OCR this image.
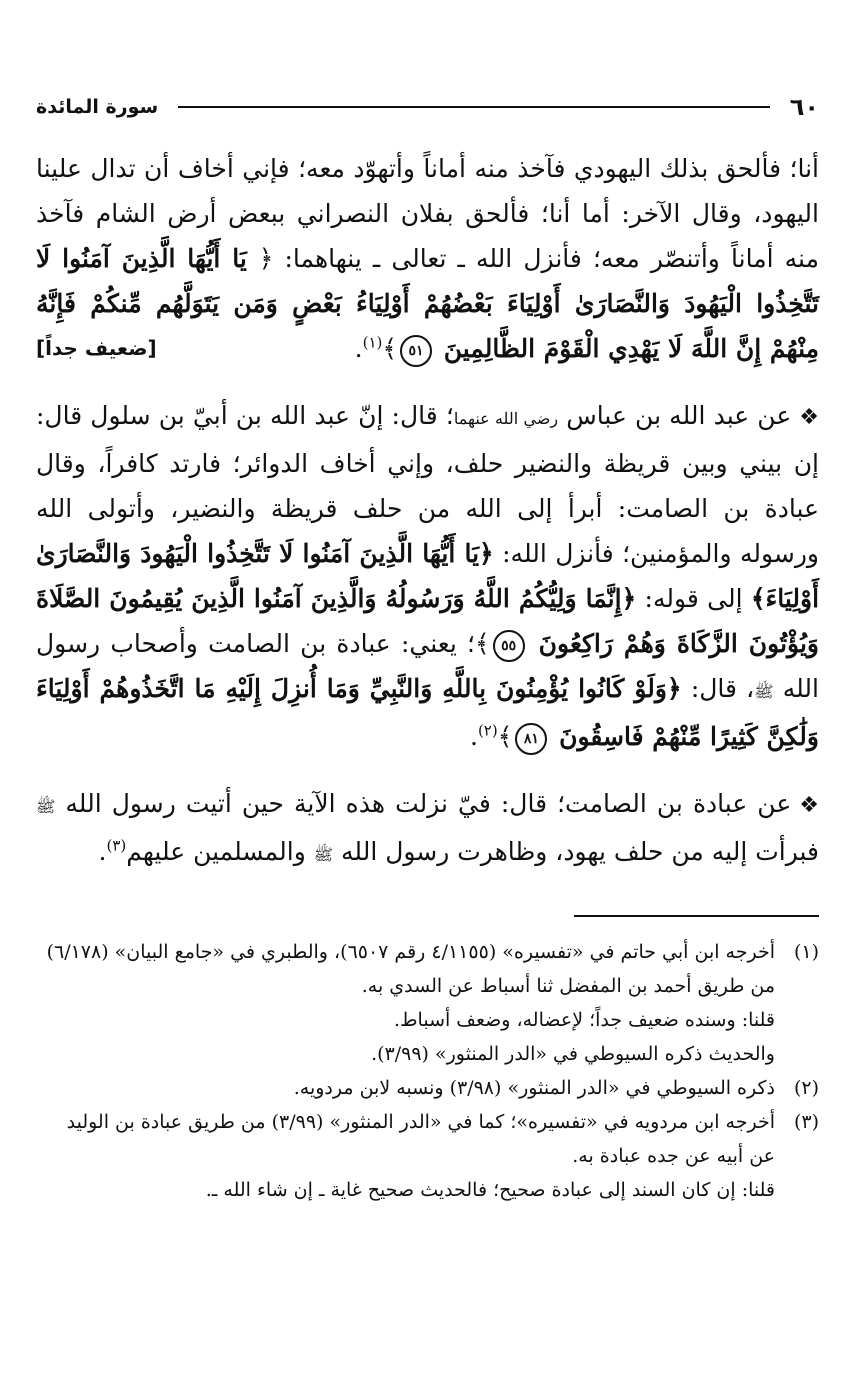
٦٠
سورة المائدة

أنا؛ فألحق بذلك اليهودي فآخذ منه أماناً وأتهوّد معه؛ فإني أخاف أن تدال علينا اليهود، وقال الآخر: أما أنا؛ فألحق بفلان النصراني ببعض أرض الشام فآخذ منه أماناً وأتنصّر معه؛ فأنزل الله ـ تعالى ـ ينهاهما: ﴿ يَا أَيُّهَا الَّذِينَ آمَنُوا لَا تَتَّخِذُوا الْيَهُودَ وَالنَّصَارَىٰ أَوْلِيَاءَ بَعْضُهُمْ أَوْلِيَاءُ بَعْضٍ وَمَن يَتَوَلَّهُم مِّنكُمْ فَإِنَّهُ مِنْهُمْ إِنَّ اللَّهَ لَا يَهْدِي الْقَوْمَ الظَّالِمِينَ ٥١﴾$^{(١)}$.
[ضعيف جداً]

❖عن عبد الله بن عباس رضي الله عنهما؛ قال: إنّ عبد الله بن أبيّ بن سلول قال: إن بيني وبين قريظة والنضير حلف، وإني أخاف الدوائر؛ فارتد كافراً، وقال عبادة بن الصامت: أبرأ إلى الله من حلف قريظة والنضير، وأتولى الله ورسوله والمؤمنين؛ فأنزل الله: ﴿يَا أَيُّهَا الَّذِينَ آمَنُوا لَا تَتَّخِذُوا الْيَهُودَ وَالنَّصَارَىٰ أَوْلِيَاءَ﴾ إلى قوله: ﴿إِنَّمَا وَلِيُّكُمُ اللَّهُ وَرَسُولُهُ وَالَّذِينَ آمَنُوا الَّذِينَ يُقِيمُونَ الصَّلَاةَ وَيُؤْتُونَ الزَّكَاةَ وَهُمْ رَاكِعُونَ ٥٥﴾؛ يعني: عبادة بن الصامت وأصحاب رسول الله ﷺ، قال: ﴿وَلَوْ كَانُوا يُؤْمِنُونَ بِاللَّهِ وَالنَّبِيِّ وَمَا أُنزِلَ إِلَيْهِ مَا اتَّخَذُوهُمْ أَوْلِيَاءَ وَلَٰكِنَّ كَثِيرًا مِّنْهُمْ فَاسِقُونَ ٨١﴾$^{(٢)}$.

❖عن عبادة بن الصامت؛ قال: فيّ نزلت هذه الآية حين أتيت رسول الله ﷺ فبرأت إليه من حلف يهود، وظاهرت رسول الله ﷺ والمسلمين عليهم$^{(٣)}$.

(١)
أخرجه ابن أبي حاتم في «تفسيره» (٤/١١٥٥ رقم ٦٥٠٧)، والطبري في «جامع البيان» (٦/١٧٨) من طريق أحمد بن المفضل ثنا أسباط عن السدي به.
قلنا: وسنده ضعيف جداً؛ لإعضاله، وضعف أسباط.
والحديث ذكره السيوطي في «الدر المنثور» (٣/٩٩).
(٢)
ذكره السيوطي في «الدر المنثور» (٣/٩٨) ونسبه لابن مردويه.
(٣)
أخرجه ابن مردويه في «تفسيره»؛ كما في «الدر المنثور» (٣/٩٩) من طريق عبادة بن الوليد عن أبيه عن جده عبادة به.
قلنا: إن كان السند إلى عبادة صحيح؛ فالحديث صحيح غاية ـ إن شاء الله ـ.
